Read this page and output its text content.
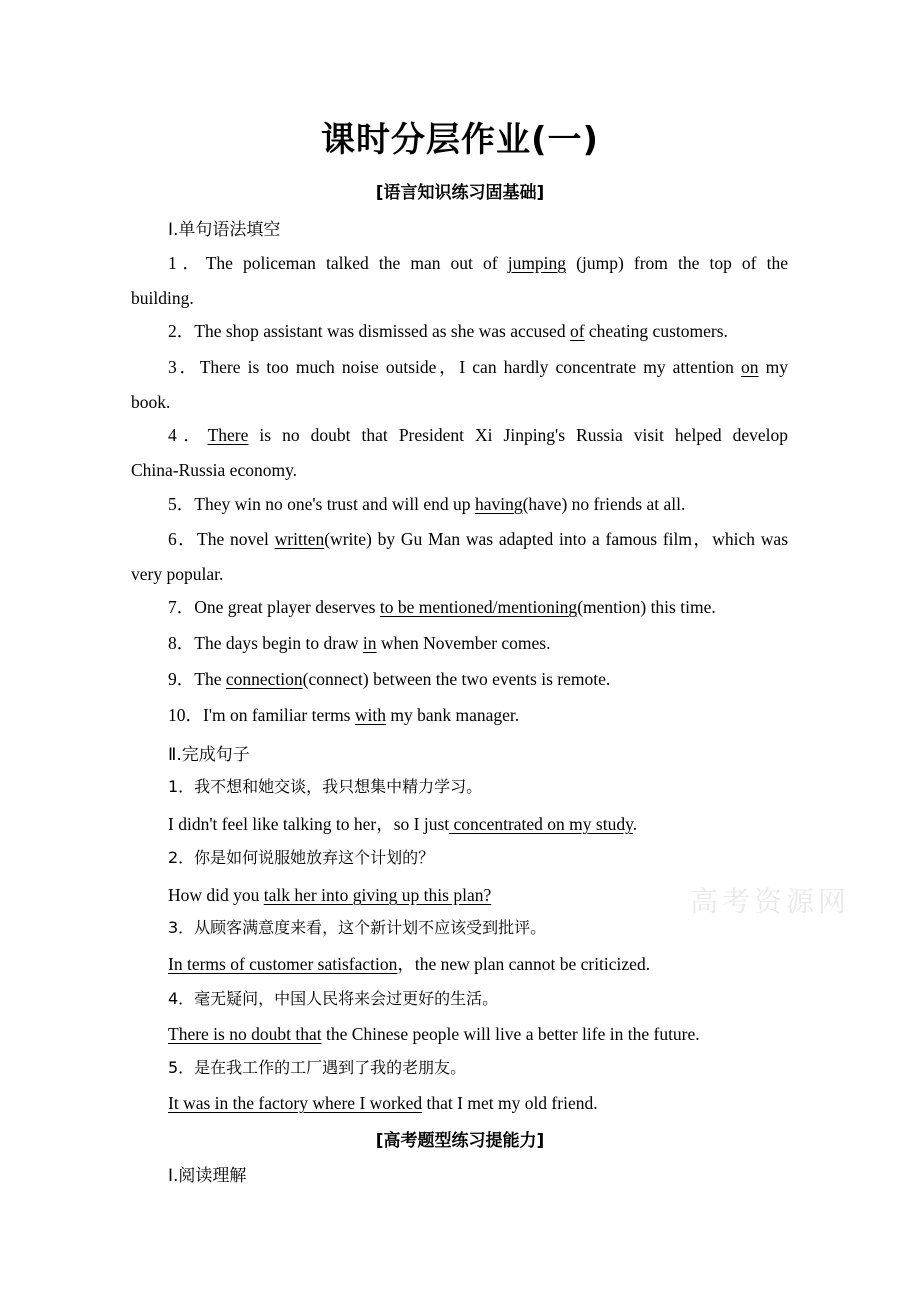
课时分层作业(一)
[语言知识练习固基础]
Ⅰ.单句语法填空
1．The policeman talked the man out of jumping (jump) from the top of the
building.
2．The shop assistant was dismissed as she was accused of cheating customers.
3．There is too much noise outside，I can hardly concentrate my attention on my
book.
4．There is no doubt that President Xi Jinping's Russia visit helped develop
China-Russia economy.
5．They win no one's trust and will end up having(have) no friends at all.
6．The novel written(write) by Gu Man was adapted into a famous film，which was
very popular.
7．One great player deserves to be mentioned/mentioning(mention) this time.
8．The days begin to draw in when November comes.
9．The connection(connect) between the two events is remote.
10．I'm on familiar terms with my bank manager.
Ⅱ.完成句子
1．我不想和她交谈，我只想集中精力学习。
I didn't feel like talking to her，so I just concentrated on my study.
2．你是如何说服她放弃这个计划的？
How did you talk her into giving up this plan?
3．从顾客满意度来看，这个新计划不应该受到批评。
In terms of customer satisfaction，the new plan cannot be criticized.
4．毫无疑问，中国人民将来会过更好的生活。
There is no doubt that the Chinese people will live a better life in the future.
5．是在我工作的工厂遇到了我的老朋友。
It was in the factory where I worked that I met my old friend.
[高考题型练习提能力]
Ⅰ.阅读理解
高考资源网
